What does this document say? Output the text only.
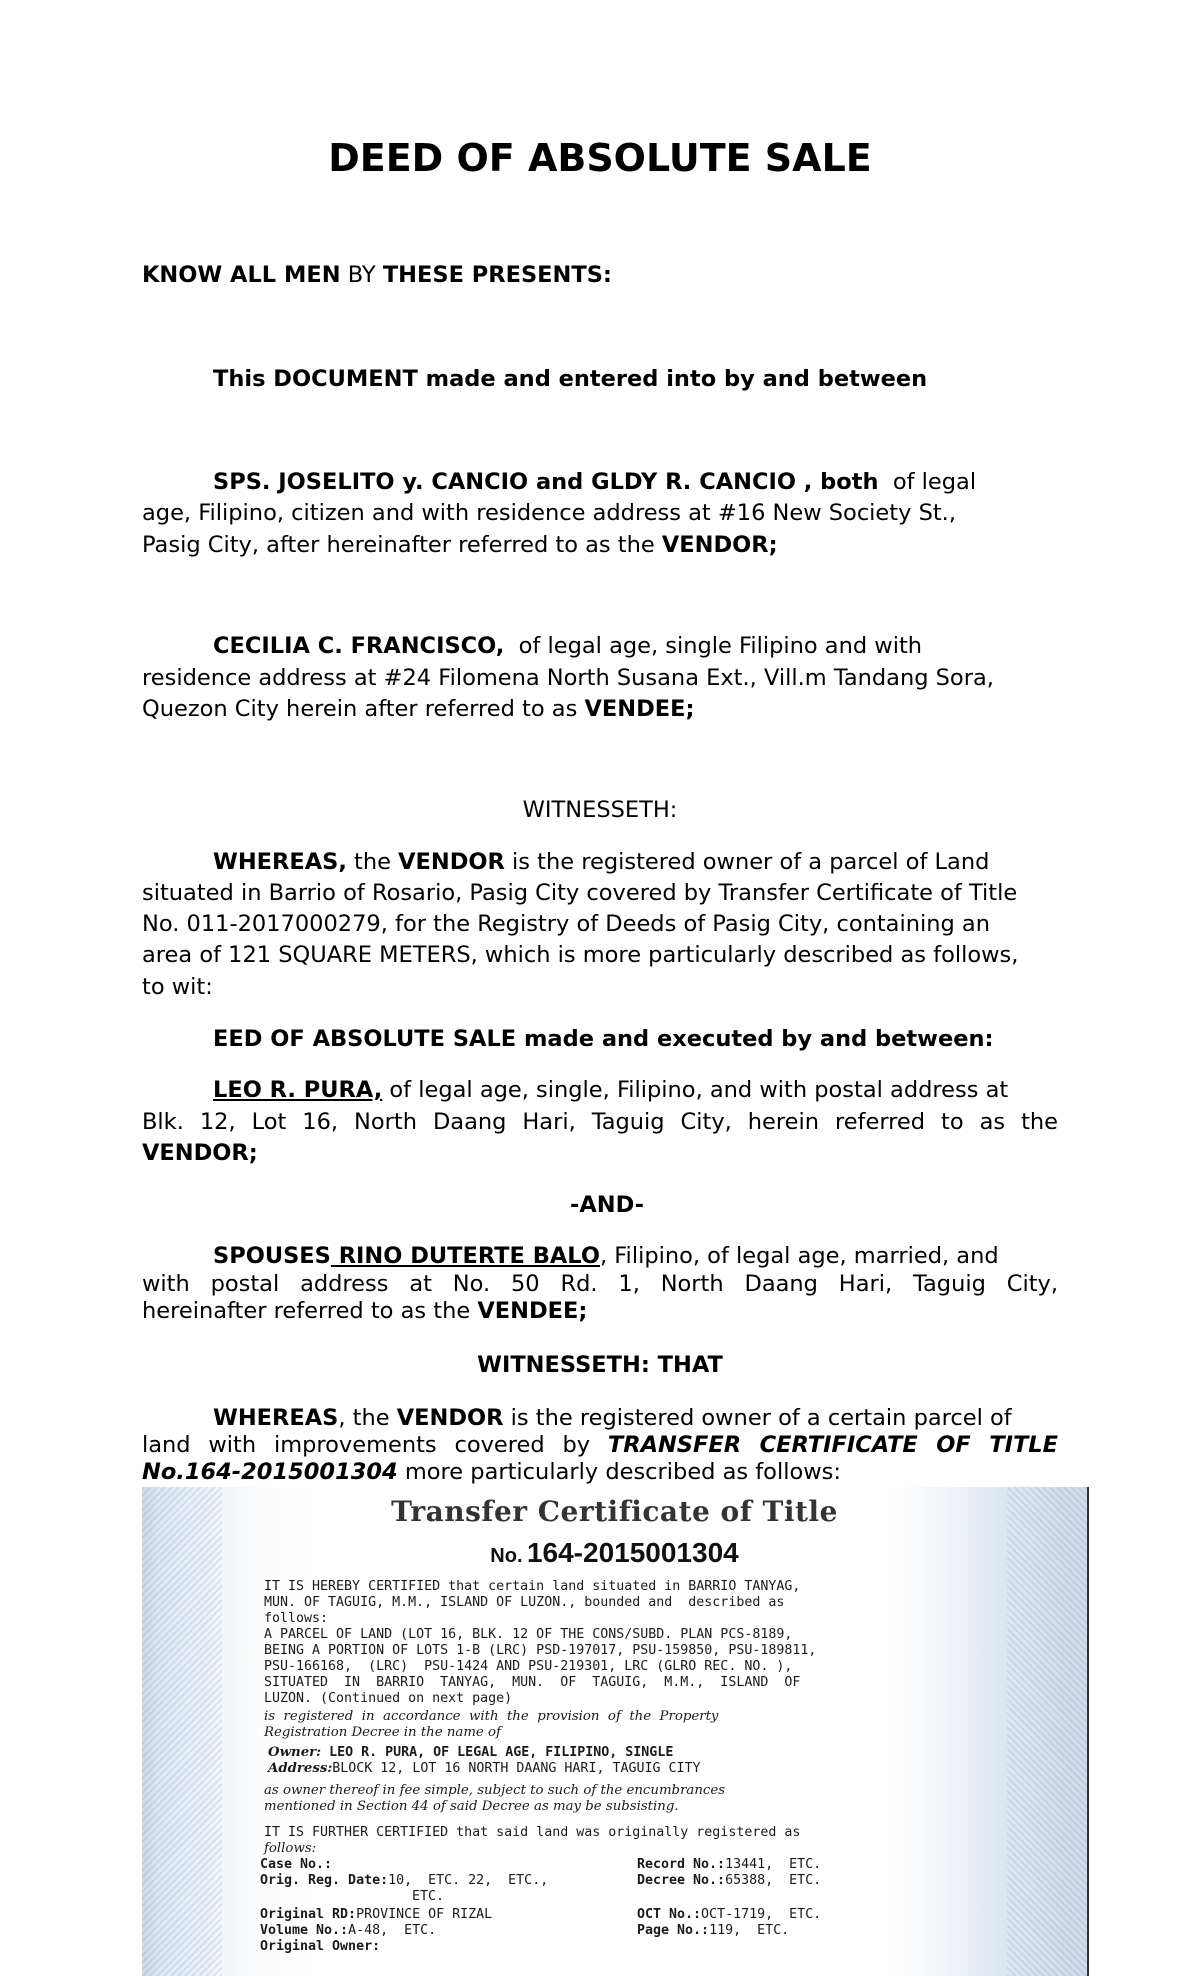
DEED OF ABSOLUTE SALE
KNOW ALL MEN BY THESE PRESENTS:
This DOCUMENT made and entered into by and between
SPS. JOSELITO y. CANCIO and GLDY R. CANCIO , both of legal
age, Filipino, citizen and with residence address at #16 New Society St.,
Pasig City, after hereinafter referred to as the VENDOR;
CECILIA C. FRANCISCO, of legal age, single Filipino and with
residence address at #24 Filomena North Susana Ext., Vill.m Tandang Sora,
Quezon City herein after referred to as VENDEE;
WITNESSETH:
WHEREAS, the VENDOR is the registered owner of a parcel of Land
situated in Barrio of Rosario, Pasig City covered by Transfer Certificate of Title
No. 011-2017000279, for the Registry of Deeds of Pasig City, containing an
area of 121 SQUARE METERS, which is more particularly described as follows,
to wit:
EED OF ABSOLUTE SALE made and executed by and between:
LEO R. PURA, of legal age, single, Filipino, and with postal address at
Blk. 12, Lot 16, North Daang Hari, Taguig City, herein referred to as the
VENDOR;
-AND-
SPOUSES RINO DUTERTE BALO, Filipino, of legal age, married, and
with postal address at No. 50 Rd. 1, North Daang Hari, Taguig City,
hereinafter referred to as the VENDEE;
WITNESSETH: THAT
WHEREAS, the VENDOR is the registered owner of a certain parcel of
land with improvements covered by TRANSFER CERTIFICATE OF TITLE
No.164-2015001304 more particularly described as follows:
Transfer Certificate of Title
No. 164-2015001304
IT IS HEREBY CERTIFIED that certain land situated in BARRIO TANYAG,
MUN. OF TAGUIG, M.M., ISLAND OF LUZON., bounded and  described as
follows:
A PARCEL OF LAND (LOT 16, BLK. 12 OF THE CONS/SUBD. PLAN PCS-8189,
BEING A PORTION OF LOTS 1-B (LRC) PSD-197017, PSU-159850, PSU-189811,
PSU-166168,  (LRC)  PSU-1424 AND PSU-219301, LRC (GLRO REC. NO. ),
SITUATED  IN  BARRIO  TANYAG,  MUN.  OF  TAGUIG,  M.M.,  ISLAND  OF
LUZON. (Continued on next page)
is  registered  in  accordance  with  the  provision  of  the  Property
Registration Decree in the name of
Owner: LEO R. PURA, OF LEGAL AGE, FILIPINO, SINGLE
Address:BLOCK 12, LOT 16 NORTH DAANG HARI, TAGUIG CITY
as owner thereof in fee simple, subject to such of the encumbrances
mentioned in Section 44 of said Decree as may be subsisting.
IT IS FURTHER CERTIFIED that said land was originally registered as
follows:
Case No.:
Orig. Reg. Date:10,  ETC. 22,  ETC.,
ETC.
Original RD:PROVINCE OF RIZAL
Volume No.:A-48,  ETC.
Original Owner:
Record No.:13441,  ETC.
Decree No.:65388,  ETC.
OCT No.:OCT-1719,  ETC.
Page No.:119,  ETC.
